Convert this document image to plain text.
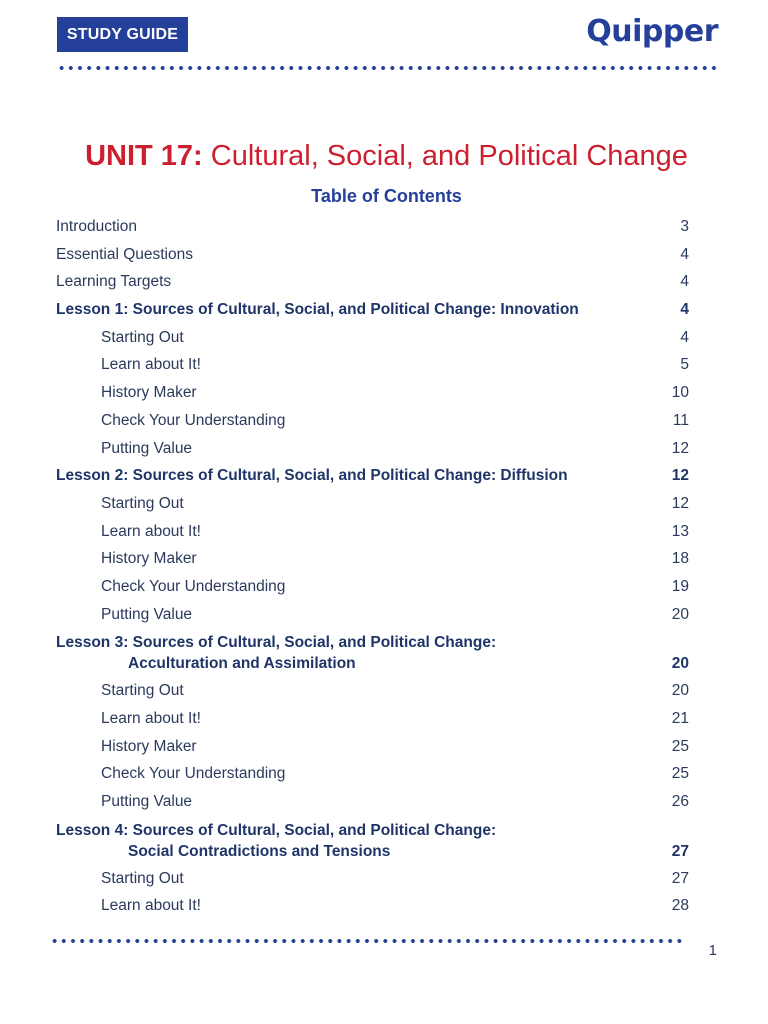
STUDY GUIDE	Quipper
UNIT 17: Cultural, Social, and Political Change
Table of Contents
Introduction	3
Essential Questions	4
Learning Targets	4
Lesson 1: Sources of Cultural, Social, and Political Change: Innovation	4
Starting Out	4
Learn about It!	5
History Maker	10
Check Your Understanding	11
Putting Value	12
Lesson 2: Sources of Cultural, Social, and Political Change: Diffusion	12
Starting Out	12
Learn about It!	13
History Maker	18
Check Your Understanding	19
Putting Value	20
Lesson 3: Sources of Cultural, Social, and Political Change:
Acculturation and Assimilation	20
Starting Out	20
Learn about It!	21
History Maker	25
Check Your Understanding	25
Putting Value	26
Lesson 4: Sources of Cultural, Social, and Political Change:
Social Contradictions and Tensions	27
Starting Out	27
Learn about It!	28
1
